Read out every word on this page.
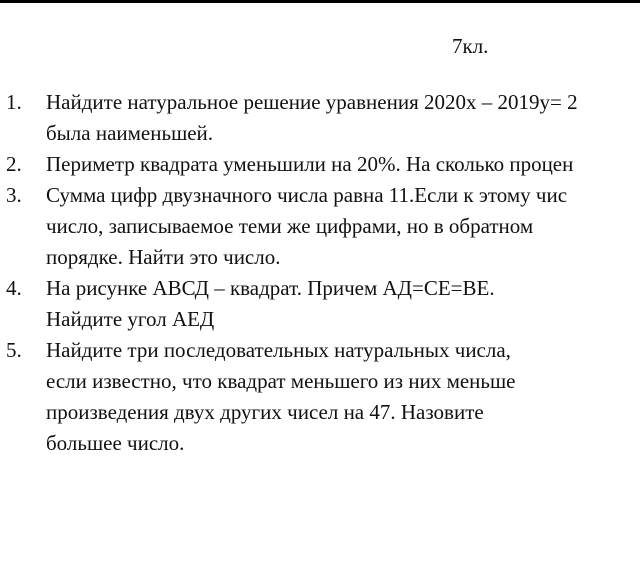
7кл.
1.	Найдите натуральное решение уравнения 2020х – 2019у= 2
была наименьшей.
2.	Периметр квадрата уменьшили на 20%. На сколько процен
3.	Сумма цифр двузначного числа равна 11.Если к этому чис
число, записываемое теми же цифрами, но в обратном
порядке. Найти это число.
4.	На рисунке АВСД – квадрат. Причем АД=СЕ=ВЕ.
Найдите угол АЕД
5.	Найдите три последовательных натуральных числа,
если известно, что квадрат меньшего из них меньше
произведения двух других чисел на 47. Назовите
большее число.
